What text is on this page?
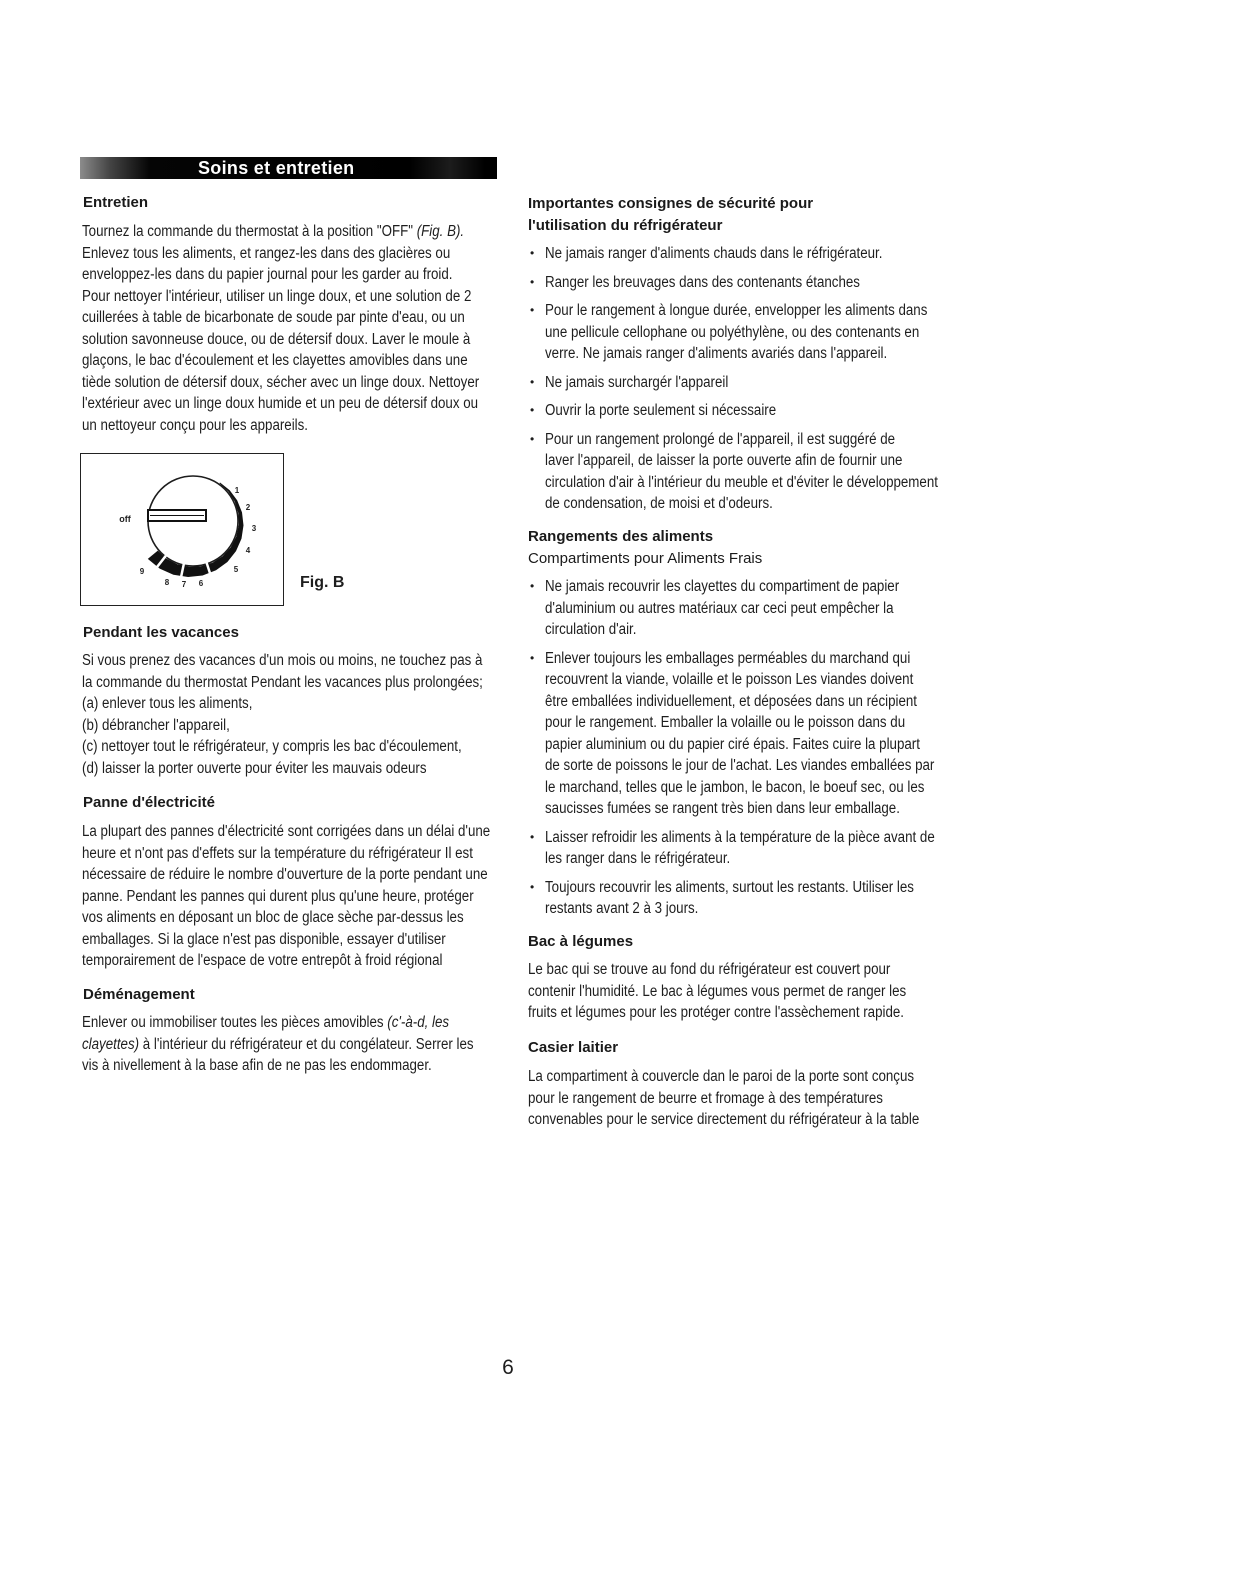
Soins et entretien
Entretien
Tournez la commande du thermostat à la position "OFF" (Fig. B).
Enlevez tous les aliments, et rangez-les dans des glacières ou
enveloppez-les dans du papier journal pour les garder au froid.
Pour nettoyer l'intérieur, utiliser un linge doux, et une solution de 2
cuillerées à table de bicarbonate de soude par pinte d'eau, ou un
solution savonneuse douce, ou de détersif doux. Laver le moule à
glaçons, le bac d'écoulement et les clayettes amovibles dans une
tiède solution de détersif doux, sécher avec un linge doux. Nettoyer
l'extérieur avec un linge doux humide et un peu de détersif doux ou
un nettoyeur conçu pour les appareils.
off
1
2
3
4
5
6
7
8
9
Fig. B
Pendant les vacances
Si vous prenez des vacances d'un mois ou moins, ne touchez pas à
la commande du thermostat Pendant les vacances plus prolongées;
(a) enlever tous les aliments,
(b) débrancher l'appareil,
(c) nettoyer tout le réfrigérateur, y compris les bac d'écoulement,
(d) laisser la porter ouverte pour éviter les mauvais odeurs
Panne d'électricité
La plupart des pannes d'électricité sont corrigées dans un délai d'une
heure et n'ont pas d'effets sur la température du réfrigérateur Il est
nécessaire de réduire le nombre d'ouverture de la porte pendant une
panne. Pendant les pannes qui durent plus qu'une heure, protéger
vos aliments en déposant un bloc de glace sèche par-dessus les
emballages. Si la glace n'est pas disponible, essayer d'utiliser
temporairement de l'espace de votre entrepôt à froid régional
Déménagement
Enlever ou immobiliser toutes les pièces amovibles (c'-à-d, les
clayettes) à l'intérieur du réfrigérateur et du congélateur. Serrer les
vis à nivellement à la base afin de ne pas les endommager.
Importantes consignes de sécurité pour
l'utilisation du réfrigérateur
• Ne jamais ranger d'aliments chauds dans le réfrigérateur.
• Ranger les breuvages dans des contenants étanches
• Pour le rangement à longue durée, envelopper les aliments dans
une pellicule cellophane ou polyéthylène, ou des contenants en
verre. Ne jamais ranger d'aliments avariés dans l'appareil.
• Ne jamais surchargér l'appareil
• Ouvrir la porte seulement si nécessaire
• Pour un rangement prolongé de l'appareil, il est suggéré de
laver l'appareil, de laisser la porte ouverte afin de fournir une
circulation d'air à l'intérieur du meuble et d'éviter le développement
de condensation, de moisi et d'odeurs.
Rangements des aliments
Compartiments pour Aliments Frais
• Ne jamais recouvrir les clayettes du compartiment de papier
d'aluminium ou autres matériaux car ceci peut empêcher la
circulation d'air.
• Enlever toujours les emballages perméables du marchand qui
recouvrent la viande, volaille et le poisson Les viandes doivent
être emballées individuellement, et déposées dans un récipient
pour le rangement. Emballer la volaille ou le poisson dans du
papier aluminium ou du papier ciré épais. Faites cuire la plupart
de sorte de poissons le jour de l'achat. Les viandes emballées par
le marchand, telles que le jambon, le bacon, le boeuf sec, ou les
saucisses fumées se rangent très bien dans leur emballage.
• Laisser refroidir les aliments à la température de la pièce avant de
les ranger dans le réfrigérateur.
• Toujours recouvrir les aliments, surtout les restants. Utiliser les
restants avant 2 à 3 jours.
Bac à légumes
Le bac qui se trouve au fond du réfrigérateur est couvert pour
contenir l'humidité. Le bac à légumes vous permet de ranger les
fruits et légumes pour les protéger contre l'assèchement rapide.
Casier laitier
La compartiment à couvercle dan le paroi de la porte sont conçus
pour le rangement de beurre et fromage à des températures
convenables pour le service directement du réfrigérateur à la table
6
